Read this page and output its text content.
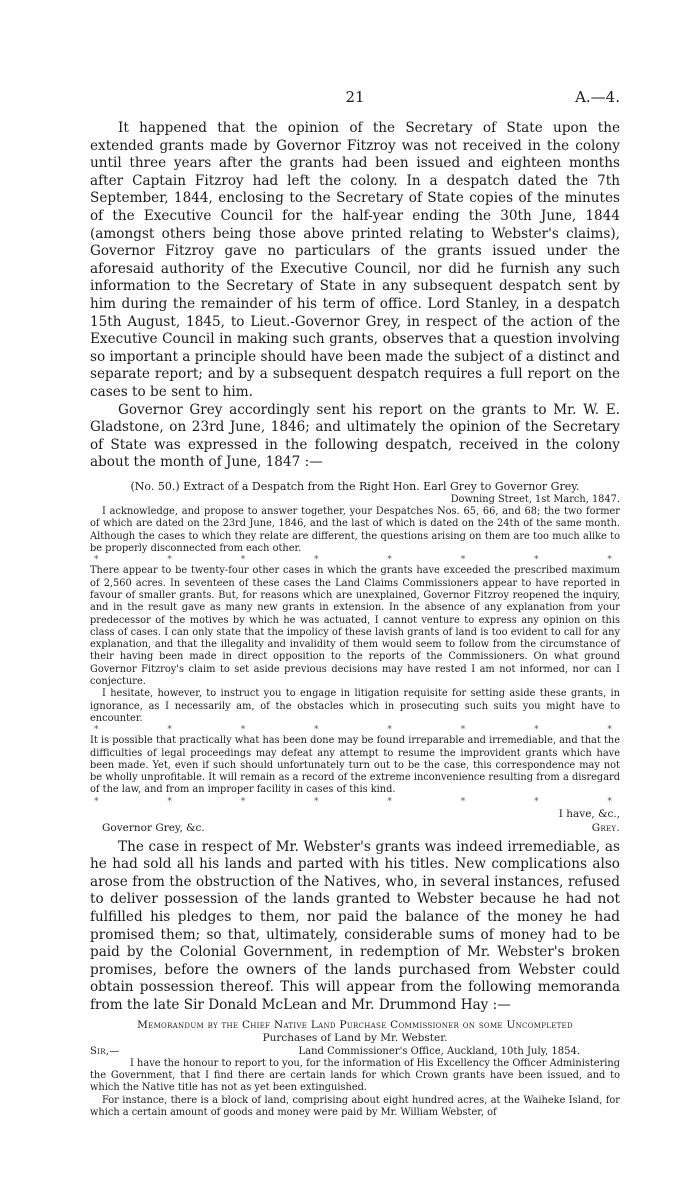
21	A.—4.

It happened that the opinion of the Secretary of State upon the extended grants made by Governor Fitzroy was not received in the colony until three years after the grants had been issued and eighteen months after Captain Fitzroy had left the colony. In a despatch dated the 7th September, 1844, enclosing to the Secretary of State copies of the minutes of the Executive Council for the half-year ending the 30th June, 1844 (amongst others being those above printed relating to Webster's claims), Governor Fitzroy gave no particulars of the grants issued under the aforesaid authority of the Executive Council, nor did he furnish any such information to the Secretary of State in any subsequent despatch sent by him during the remainder of his term of office. Lord Stanley, in a despatch 15th August, 1845, to Lieut.-Governor Grey, in respect of the action of the Executive Council in making such grants, observes that a question involving so important a principle should have been made the subject of a distinct and separate report; and by a subsequent despatch requires a full report on the cases to be sent to him.

Governor Grey accordingly sent his report on the grants to Mr. W. E. Gladstone, on 23rd June, 1846; and ultimately the opinion of the Secretary of State was expressed in the following despatch, received in the colony about the month of June, 1847 :—

(No. 50.) Extract of a Despatch from the Right Hon. Earl Grey to Governor Grey.

Downing Street, 1st March, 1847.

I acknowledge, and propose to answer together, your Despatches Nos. 65, 66, and 68; the two former of which are dated on the 23rd June, 1846, and the last of which is dated on the 24th of the same month. Although the cases to which they relate are different, the questions arising on them are too much alike to be properly disconnected from each other.

*	*	*	*	*	*	*	*

There appear to be twenty-four other cases in which the grants have exceeded the prescribed maximum of 2,560 acres. In seventeen of these cases the Land Claims Commissioners appear to have reported in favour of smaller grants. But, for reasons which are unexplained, Governor Fitzroy reopened the inquiry, and in the result gave as many new grants in extension. In the absence of any explanation from your predecessor of the motives by which he was actuated, I cannot venture to express any opinion on this class of cases. I can only state that the impolicy of these lavish grants of land is too evident to call for any explanation, and that the illegality and invalidity of them would seem to follow from the circumstance of their having been made in direct opposition to the reports of the Commissioners. On what ground Governor Fitzroy's claim to set aside previous decisions may have rested I am not informed, nor can I conjecture.

I hesitate, however, to instruct you to engage in litigation requisite for setting aside these grants, in ignorance, as I necessarily am, of the obstacles which in prosecuting such suits you might have to encounter.

*	*	*	*	*	*	*	*

It is possible that practically what has been done may be found irreparable and irremediable, and that the difficulties of legal proceedings may defeat any attempt to resume the improvident grants which have been made. Yet, even if such should unfortunately turn out to be the case, this correspondence may not be wholly unprofitable. It will remain as a record of the extreme inconvenience resulting from a disregard of the law, and from an improper facility in cases of this kind.

*	*	*	*	*	*	*	*

I have, &c.,

Governor Grey, &c.	Grey.

The case in respect of Mr. Webster's grants was indeed irremediable, as he had sold all his lands and parted with his titles. New complications also arose from the obstruction of the Natives, who, in several instances, refused to deliver possession of the lands granted to Webster because he had not fulfilled his pledges to them, nor paid the balance of the money he had promised them; so that, ultimately, considerable sums of money had to be paid by the Colonial Government, in redemption of Mr. Webster's broken promises, before the owners of the lands purchased from Webster could obtain possession thereof. This will appear from the following memoranda from the late Sir Donald McLean and Mr. Drummond Hay :—

Memorandum by the Chief Native Land Purchase Commissioner on some Uncompleted

Purchases of Land by Mr. Webster.

Sir,—	Land Commissioner's Office, Auckland, 10th July, 1854.

I have the honour to report to you, for the information of His Excellency the Officer Administering the Government, that I find there are certain lands for which Crown grants have been issued, and to which the Native title has not as yet been extinguished.

For instance, there is a block of land, comprising about eight hundred acres, at the Waiheke Island, for which a certain amount of goods and money were paid by Mr. William Webster, of
